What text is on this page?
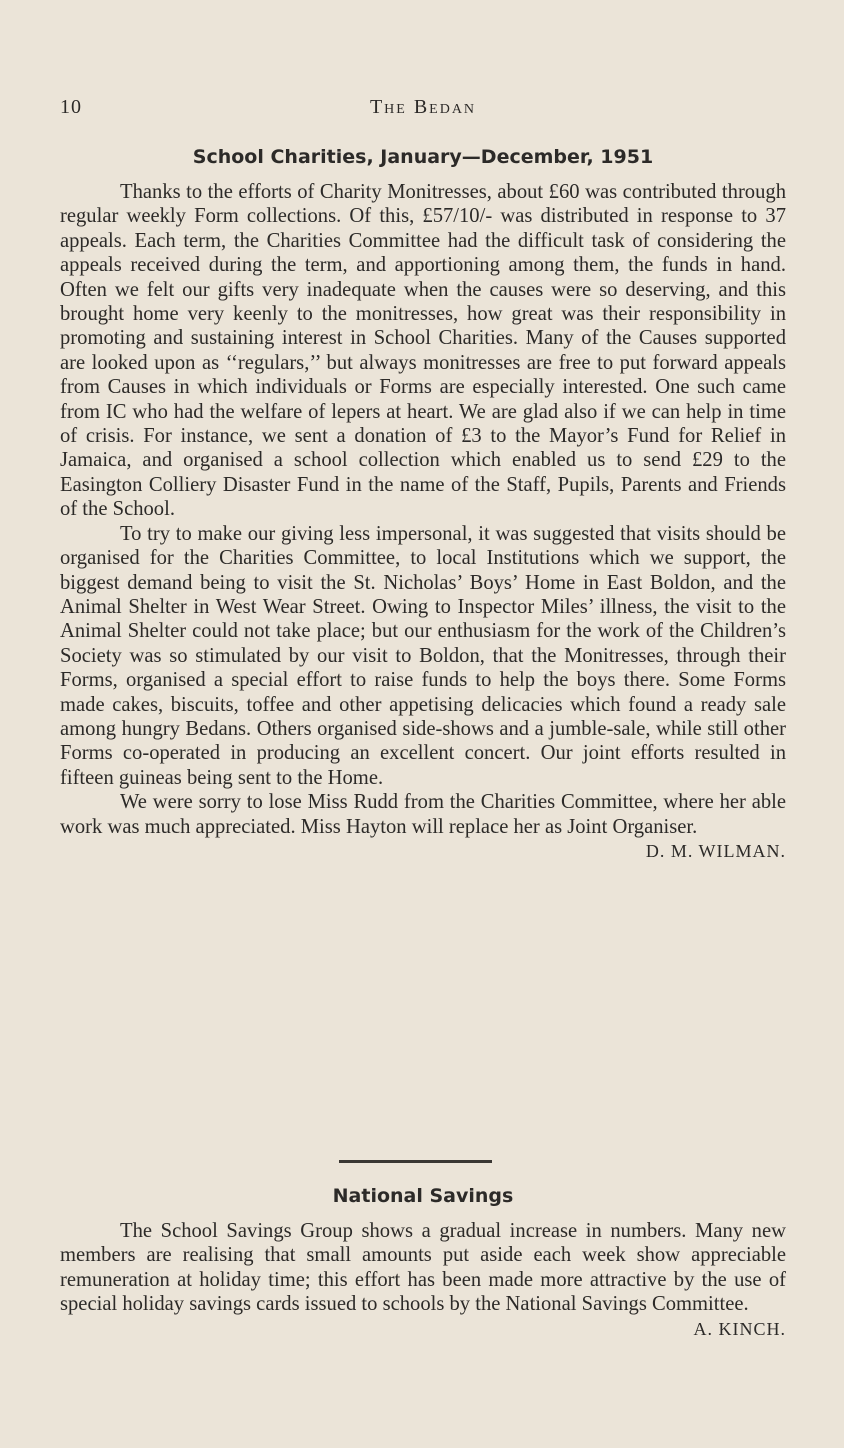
10	The Bedan
School Charities, January—December, 1951

Thanks to the efforts of Charity Monitresses, about £60 was contributed through regular weekly Form collections. Of this, £57/10/- was distributed in response to 37 appeals. Each term, the Charities Committee had the difficult task of considering the appeals received during the term, and apportioning among them, the funds in hand. Often we felt our gifts very inadequate when the causes were so deserving, and this brought home very keenly to the monitresses, how great was their responsibility in promoting and sustaining interest in School Charities. Many of the Causes supported are looked upon as ‘‘regulars,’’ but always monitresses are free to put forward appeals from Causes in which individuals or Forms are especially interested. One such came from IC who had the welfare of lepers at heart. We are glad also if we can help in time of crisis. For instance, we sent a donation of £3 to the Mayor’s Fund for Relief in Jamaica, and organised a school collection which enabled us to send £29 to the Easington Colliery Disaster Fund in the name of the Staff, Pupils, Parents and Friends of the School.

To try to make our giving less impersonal, it was suggested that visits should be organised for the Charities Committee, to local Institutions which we support, the biggest demand being to visit the St. Nicholas’ Boys’ Home in East Boldon, and the Animal Shelter in West Wear Street. Owing to Inspector Miles’ illness, the visit to the Animal Shelter could not take place; but our enthusiasm for the work of the Children’s Society was so stimulated by our visit to Boldon, that the Monitresses, through their Forms, organised a special effort to raise funds to help the boys there. Some Forms made cakes, biscuits, toffee and other appetising delicacies which found a ready sale among hungry Bedans. Others organised side-shows and a jumble-sale, while still other Forms co-operated in producing an excellent concert. Our joint efforts resulted in fifteen guineas being sent to the Home.

We were sorry to lose Miss Rudd from the Charities Committee, where her able work was much appreciated. Miss Hayton will replace her as Joint Organiser.
D. M. WILMAN.

National Savings

The School Savings Group shows a gradual increase in numbers. Many new members are realising that small amounts put aside each week show appreciable remuneration at holiday time; this effort has been made more attractive by the use of special holiday savings cards issued to schools by the National Savings Committee.
A. KINCH.
